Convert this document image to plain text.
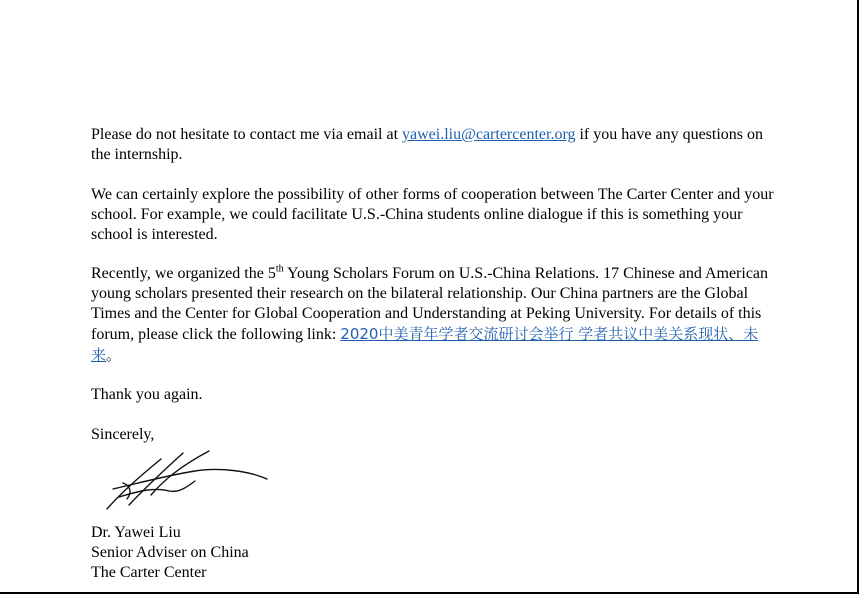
Please do not hesitate to contact me via email at yawei.liu@cartercenter.org if you have any questions on the internship.

We can certainly explore the possibility of other forms of cooperation between The Carter Center and your school. For example, we could facilitate U.S.-China students online dialogue if this is something your school is interested.

Recently, we organized the 5th Young Scholars Forum on U.S.-China Relations. 17 Chinese and American young scholars presented their research on the bilateral relationship. Our China partners are the Global Times and the Center for Global Cooperation and Understanding at Peking University. For details of this forum, please click the following link: 2020中美青年学者交流研讨会举行 学者共议中美关系现状、未来。

Thank you again.

Sincerely,

Dr. Yawei Liu
Senior Adviser on China
The Carter Center
